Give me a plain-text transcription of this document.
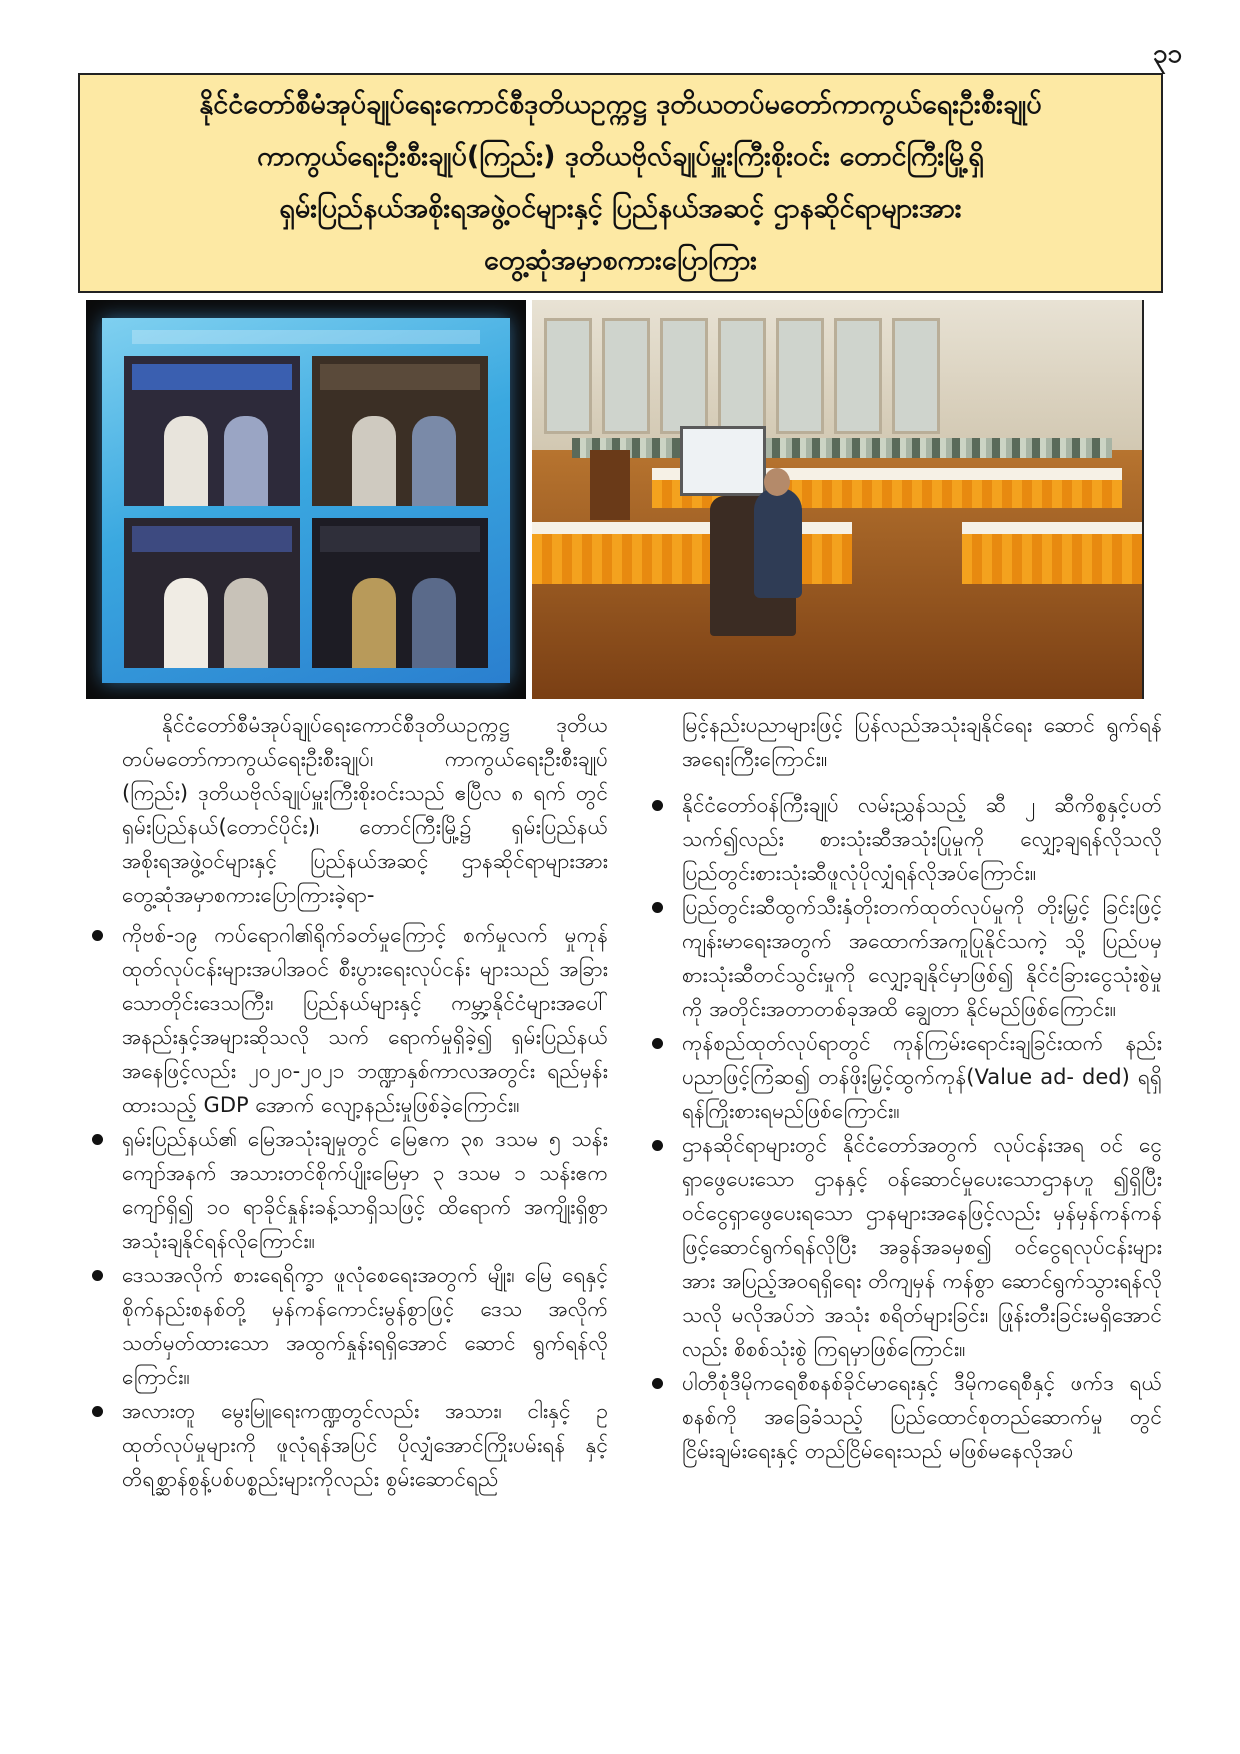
၃၁
နိုင်ငံတော်စီမံအုပ်ချုပ်ရေးကောင်စီဒုတိယဥက္ကဋ္ဌ ဒုတိယတပ်မတော်ကာကွယ်ရေးဦးစီးချုပ်
ကာကွယ်ရေးဦးစီးချုပ်(ကြည်း) ဒုတိယဗိုလ်ချုပ်မှူးကြီးစိုးဝင်း တောင်ကြီးမြို့ရှိ
ရှမ်းပြည်နယ်အစိုးရအဖွဲ့ဝင်များနှင့် ပြည်နယ်အဆင့် ဌာနဆိုင်ရာများအား
တွေ့ဆုံအမှာစကားပြောကြား

နိုင်ငံတော်စီမံအုပ်ချုပ်ရေးကောင်စီဒုတိယဥက္ကဋ္ဌ ဒုတိယ တပ်မတော်ကာကွယ်ရေးဦးစီးချုပ်၊ ကာကွယ်ရေးဦးစီးချုပ် (ကြည်း) ဒုတိယဗိုလ်ချုပ်မှူးကြီးစိုးဝင်းသည် ဧပြီလ ၈ ရက် တွင် ရှမ်းပြည်နယ်(တောင်ပိုင်း)၊ တောင်ကြီးမြို့၌ ရှမ်းပြည်နယ် အစိုးရအဖွဲ့ဝင်များနှင့် ပြည်နယ်အဆင့် ဌာနဆိုင်ရာများအား တွေ့ဆုံအမှာစကားပြောကြားခဲ့ရာ-

ကိုဗစ်-၁၉ ကပ်ရောဂါ၏ရိုက်ခတ်မှုကြောင့် စက်မှုလက် မှုကုန်ထုတ်လုပ်ငန်းများအပါအဝင် စီးပွားရေးလုပ်ငန်း များသည် အခြားသောတိုင်းဒေသကြီး၊ ပြည်နယ်များနှင့် ကမ္ဘာ့နိုင်ငံများအပေါ် အနည်းနှင့်အများဆိုသလို သက် ရောက်မှုရှိခဲ့၍ ရှမ်းပြည်နယ်အနေဖြင့်လည်း ၂၀၂၀-၂၀၂၁ ဘဏ္ဍာနှစ်ကာလအတွင်း ရည်မှန်းထားသည့် GDP အောက် လျော့နည်းမှုဖြစ်ခဲ့ကြောင်း။

ရှမ်းပြည်နယ်၏ မြေအသုံးချမှုတွင် မြေဧက ၃၈ ဒသမ ၅ သန်းကျော်အနက် အသားတင်စိုက်ပျိုးမြေမှာ ၃ ဒသမ ၁ သန်းဧကကျော်ရှိ၍ ၁၀ ရာခိုင်နှုန်းခန့်သာရှိသဖြင့် ထိရောက် အကျိုးရှိစွာ အသုံးချနိုင်ရန်လိုကြောင်း။

ဒေသအလိုက် စားရေရိက္ခာ ဖူလုံစေရေးအတွက် မျိုး၊ မြေ ရေနှင့် စိုက်နည်းစနစ်တို့ မှန်ကန်ကောင်းမွန်စွာဖြင့် ဒေသ အလိုက်သတ်မှတ်ထားသော အထွက်နှုန်းရရှိအောင် ဆောင် ရွက်ရန်လိုကြောင်း။

အလားတူ မွေးမြူရေးကဏ္ဍတွင်လည်း အသား၊ ငါးနှင့် ဥ ထုတ်လုပ်မှုများကို ဖူလုံရန်အပြင် ပိုလျှံအောင်ကြိုးပမ်းရန် နှင့် တိရစ္ဆာန်စွန့်ပစ်ပစ္စည်းများကိုလည်း စွမ်းဆောင်ရည်

မြင့်နည်းပညာများဖြင့် ပြန်လည်အသုံးချနိုင်ရေး ဆောင် ရွက်ရန်အရေးကြီးကြောင်း။

နိုင်ငံတော်ဝန်ကြီးချုပ် လမ်းညွှန်သည့် ဆီ ၂ ဆီကိစ္စနှင့်ပတ် သက်၍လည်း စားသုံးဆီအသုံးပြုမှုကို လျှော့ချရန်လိုသလို ပြည်တွင်းစားသုံးဆီဖူလုံပိုလျှံရန်လိုအပ်ကြောင်း။

ပြည်တွင်းဆီထွက်သီးနှံတိုးတက်ထုတ်လုပ်မှုကို တိုးမြှင့် ခြင်းဖြင့် ကျန်းမာရေးအတွက် အထောက်အကူပြုနိုင်သကဲ့ သို့ ပြည်ပမှ စားသုံးဆီတင်သွင်းမှုကို လျှော့ချနိုင်မှာဖြစ်၍ နိုင်ငံခြားငွေသုံးစွဲမှုကို အတိုင်းအတာတစ်ခုအထိ ချွေတာ နိုင်မည်ဖြစ်ကြောင်း။

ကုန်စည်ထုတ်လုပ်ရာတွင် ကုန်ကြမ်းရောင်းချခြင်းထက် နည်းပညာဖြင့်ကြံဆ၍ တန်ဖိုးမြှင့်ထွက်ကုန်(Value ad- ded) ရရှိရန်ကြိုးစားရမည်ဖြစ်ကြောင်း။

ဌာနဆိုင်ရာများတွင် နိုင်ငံတော်အတွက် လုပ်ငန်းအရ ဝင် ငွေရှာဖွေပေးသော ဌာနနှင့် ဝန်ဆောင်မှုပေးသောဌာနဟူ ၍ရှိပြီး ဝင်ငွေရှာဖွေပေးရသော ဌာနများအနေဖြင့်လည်း မှန်မှန်ကန်ကန်ဖြင့်ဆောင်ရွက်ရန်လိုပြီး အခွန်အခမှစ၍ ဝင်ငွေရလုပ်ငန်းများအား အပြည့်အဝရရှိရေး တိကျမှန် ကန်စွာ ဆောင်ရွက်သွားရန်လိုသလို မလိုအပ်ဘဲ အသုံး စရိတ်များခြင်း၊ ဖြုန်းတီးခြင်းမရှိအောင်လည်း စိစစ်သုံးစွဲ ကြရမှာဖြစ်ကြောင်း။

ပါတီစုံဒီမိုကရေစီစနစ်ခိုင်မာရေးနှင့် ဒီမိုကရေစီနှင့် ဖက်ဒ ရယ်စနစ်ကို အခြေခံသည့် ပြည်ထောင်စုတည်ဆောက်မှု တွင် ငြိမ်းချမ်းရေးနှင့် တည်ငြိမ်ရေးသည် မဖြစ်မနေလိုအပ်
